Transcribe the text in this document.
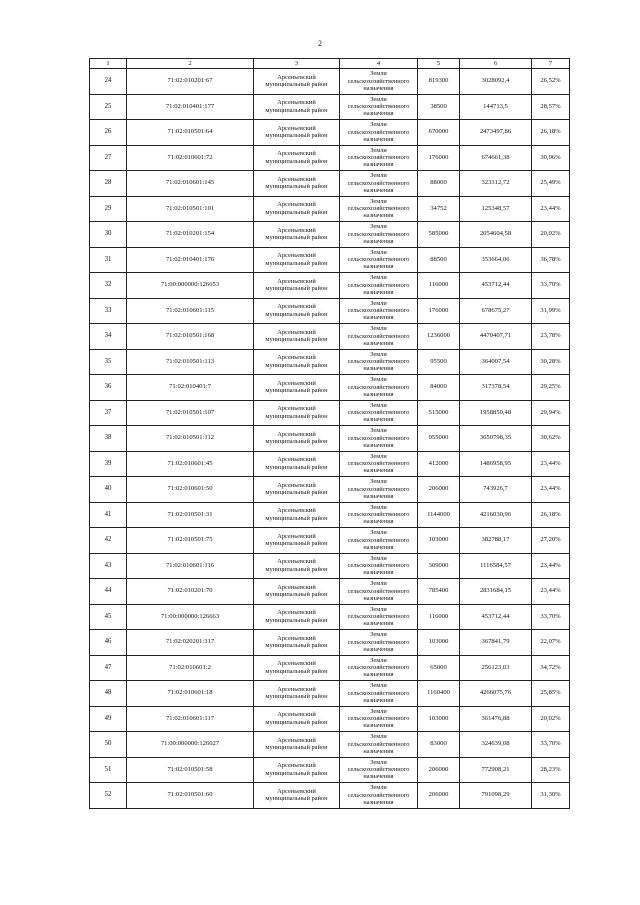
2
1	2	3	4	5	6	7
24	71:02:010201:67	Арсеньевский муниципальный район	Земли сельскохозяйственного назначения	819300	3028092,4	26,52%
25	71:02:010401:177	Арсеньевский муниципальный район	Земли сельскохозяйственного назначения	38500	144713,5	28,57%
26	71:02:010501:64	Арсеньевский муниципальный район	Земли сельскохозяйственного назначения	670000	2473497,86	26,18%
27	71:02:010601:72	Арсеньевский муниципальный район	Земли сельскохозяйственного назначения	176000	674661,38	30,96%
28	71:02:010601:145	Арсеньевский муниципальный район	Земли сельскохозяйственного назначения	88000	323312,72	25,49%
29	71:02:010501:101	Арсеньевский муниципальный район	Земли сельскохозяйственного назначения	34752	125348,57	23,44%
30	71:02:010201:154	Арсеньевский муниципальный район	Земли сельскохозяйственного назначения	585000	2054604,58	20,02%
31	71:02:010401:176	Арсеньевский муниципальный район	Земли сельскохозяйственного назначения	88500	353664,06	36,78%
32	71:00:000000:126653	Арсеньевский муниципальный район	Земли сельскохозяйственного назначения	116000	453712,44	33,70%
33	71:02:010601:115	Арсеньевский муниципальный район	Земли сельскохозяйственного назначения	176000	678675,27	31,99%
34	71:02:010501:168	Арсеньевский муниципальный район	Земли сельскохозяйственного назначения	1236000	4470407,71	23,78%
35	71:02:010501:113	Арсеньевский муниципальный район	Земли сельскохозяйственного назначения	95500	364007,54	30,28%
36	71:02:010401:7	Арсеньевский муниципальный район	Земли сельскохозяйственного назначения	84000	317378,54	29,25%
37	71:02:010501:107	Арсеньевский муниципальный район	Земли сельскохозяйственного назначения	515000	1958850,48	29,94%
38	71:02:010501:112	Арсеньевский муниципальный район	Земли сельскохозяйственного назначения	955000	3650798,35	30,62%
39	71:02:010601:45	Арсеньевский муниципальный район	Земли сельскохозяйственного назначения	412000	1486958,95	23,44%
40	71:02:010601:50	Арсеньевский муниципальный район	Земли сельскохозяйственного назначения	206000	743926,7	23,44%
41	71:02:010501:31	Арсеньевский муниципальный район	Земли сельскохозяйственного назначения	1144000	4216030,96	26,18%
42	71:02:010501:75	Арсеньевский муниципальный район	Земли сельскохозяйственного назначения	103000	382788,17	27,20%
43	71:02:010601:116	Арсеньевский муниципальный район	Земли сельскохозяйственного назначения	309000	1116584,57	23,44%
44	71:02:010201:70	Арсеньевский муниципальный район	Земли сельскохозяйственного назначения	785400	2831684,15	23,44%
45	71:00:000000:126663	Арсеньевский муниципальный район	Земли сельскохозяйственного назначения	116000	453712,44	33,70%
46	71:02:020201:317	Арсеньевский муниципальный район	Земли сельскохозяйственного назначения	103000	367841,79	22,07%
47	71:02:010601:2	Арсеньевский муниципальный район	Земли сельскохозяйственного назначения	65000	256123,03	34,72%
48	71:02:010601:18	Арсеньевский муниципальный район	Земли сельскохозяйственного назначения	1160400	4266075,76	25,85%
49	71:02:010601:117	Арсеньевский муниципальный район	Земли сельскохозяйственного назначения	103000	361476,88	20,02%
50	71:00:000000:126027	Арсеньевский муниципальный район	Земли сельскохозяйственного назначения	83000	324639,08	33,70%
51	71:02:010501:58	Арсеньевский муниципальный район	Земли сельскохозяйственного назначения	206000	772908,21	28,23%
52	71:02:010501:60	Арсеньевский муниципальный район	Земли сельскохозяйственного назначения	206000	791098,29	31,30%
